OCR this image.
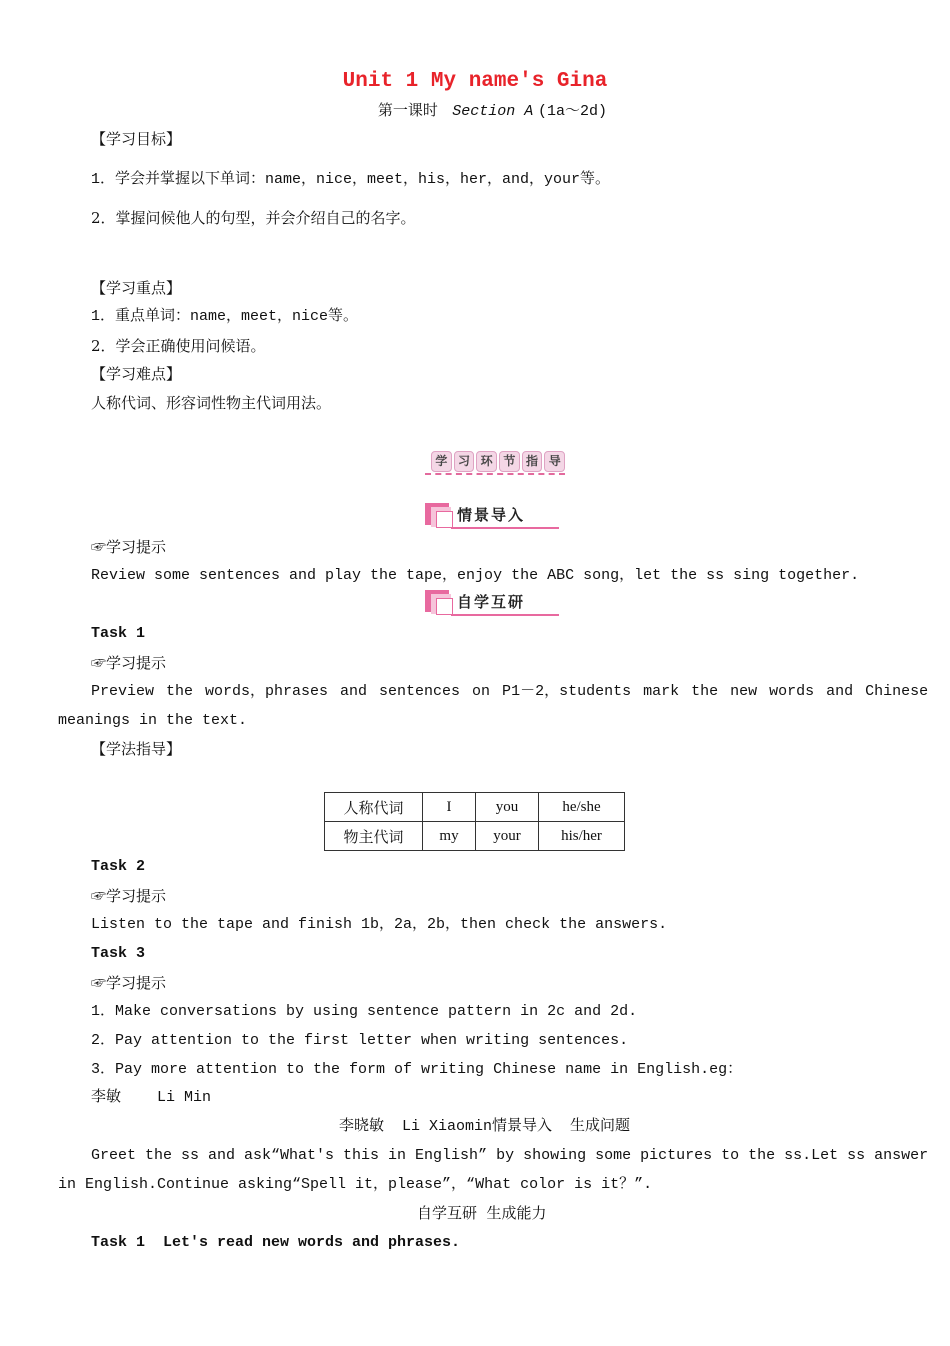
Unit 1 My name's Gina
第一课时 Section A (1a～2d)
【学习目标】
1．学会并掌握以下单词：name，nice，meet，his，her，and，your等。
2．掌握问候他人的句型，并会介绍自己的名字。
【学习重点】
1．重点单词：name，meet，nice等。
2．学会正确使用问候语。
【学习难点】
人称代词、形容词性物主代词用法。
学 习 环 节 指 导
情景导入
☞学习提示
Review some sentences and play the tape，enjoy the ABC song，let the ss sing together.
自学互研
Task 1
☞学习提示
Preview the words，phrases and sentences on P1－2，students mark the new words and Chinese
meanings in the text.
【学法指导】
人称代词	I	you	he/she
物主代词	my	your	his/her
Task 2
☞学习提示
Listen to the tape and finish 1b，2a，2b，then check the answers.
Task 3
☞学习提示
1．Make conversations by using sentence pattern in 2c and 2d.
2．Pay attention to the first letter when writing sentences.
3．Pay more attention to the form of writing Chinese name in English.eg：
李敏    Li Min
李晓敏  Li Xiaomin情景导入  生成问题
Greet the ss and ask“What's this in English” by showing some pictures to the ss.Let ss answer
in English.Continue asking“Spell it，please”，“What color is it？”.
自学互研  生成能力
Task 1  Let's read new words and phrases.
